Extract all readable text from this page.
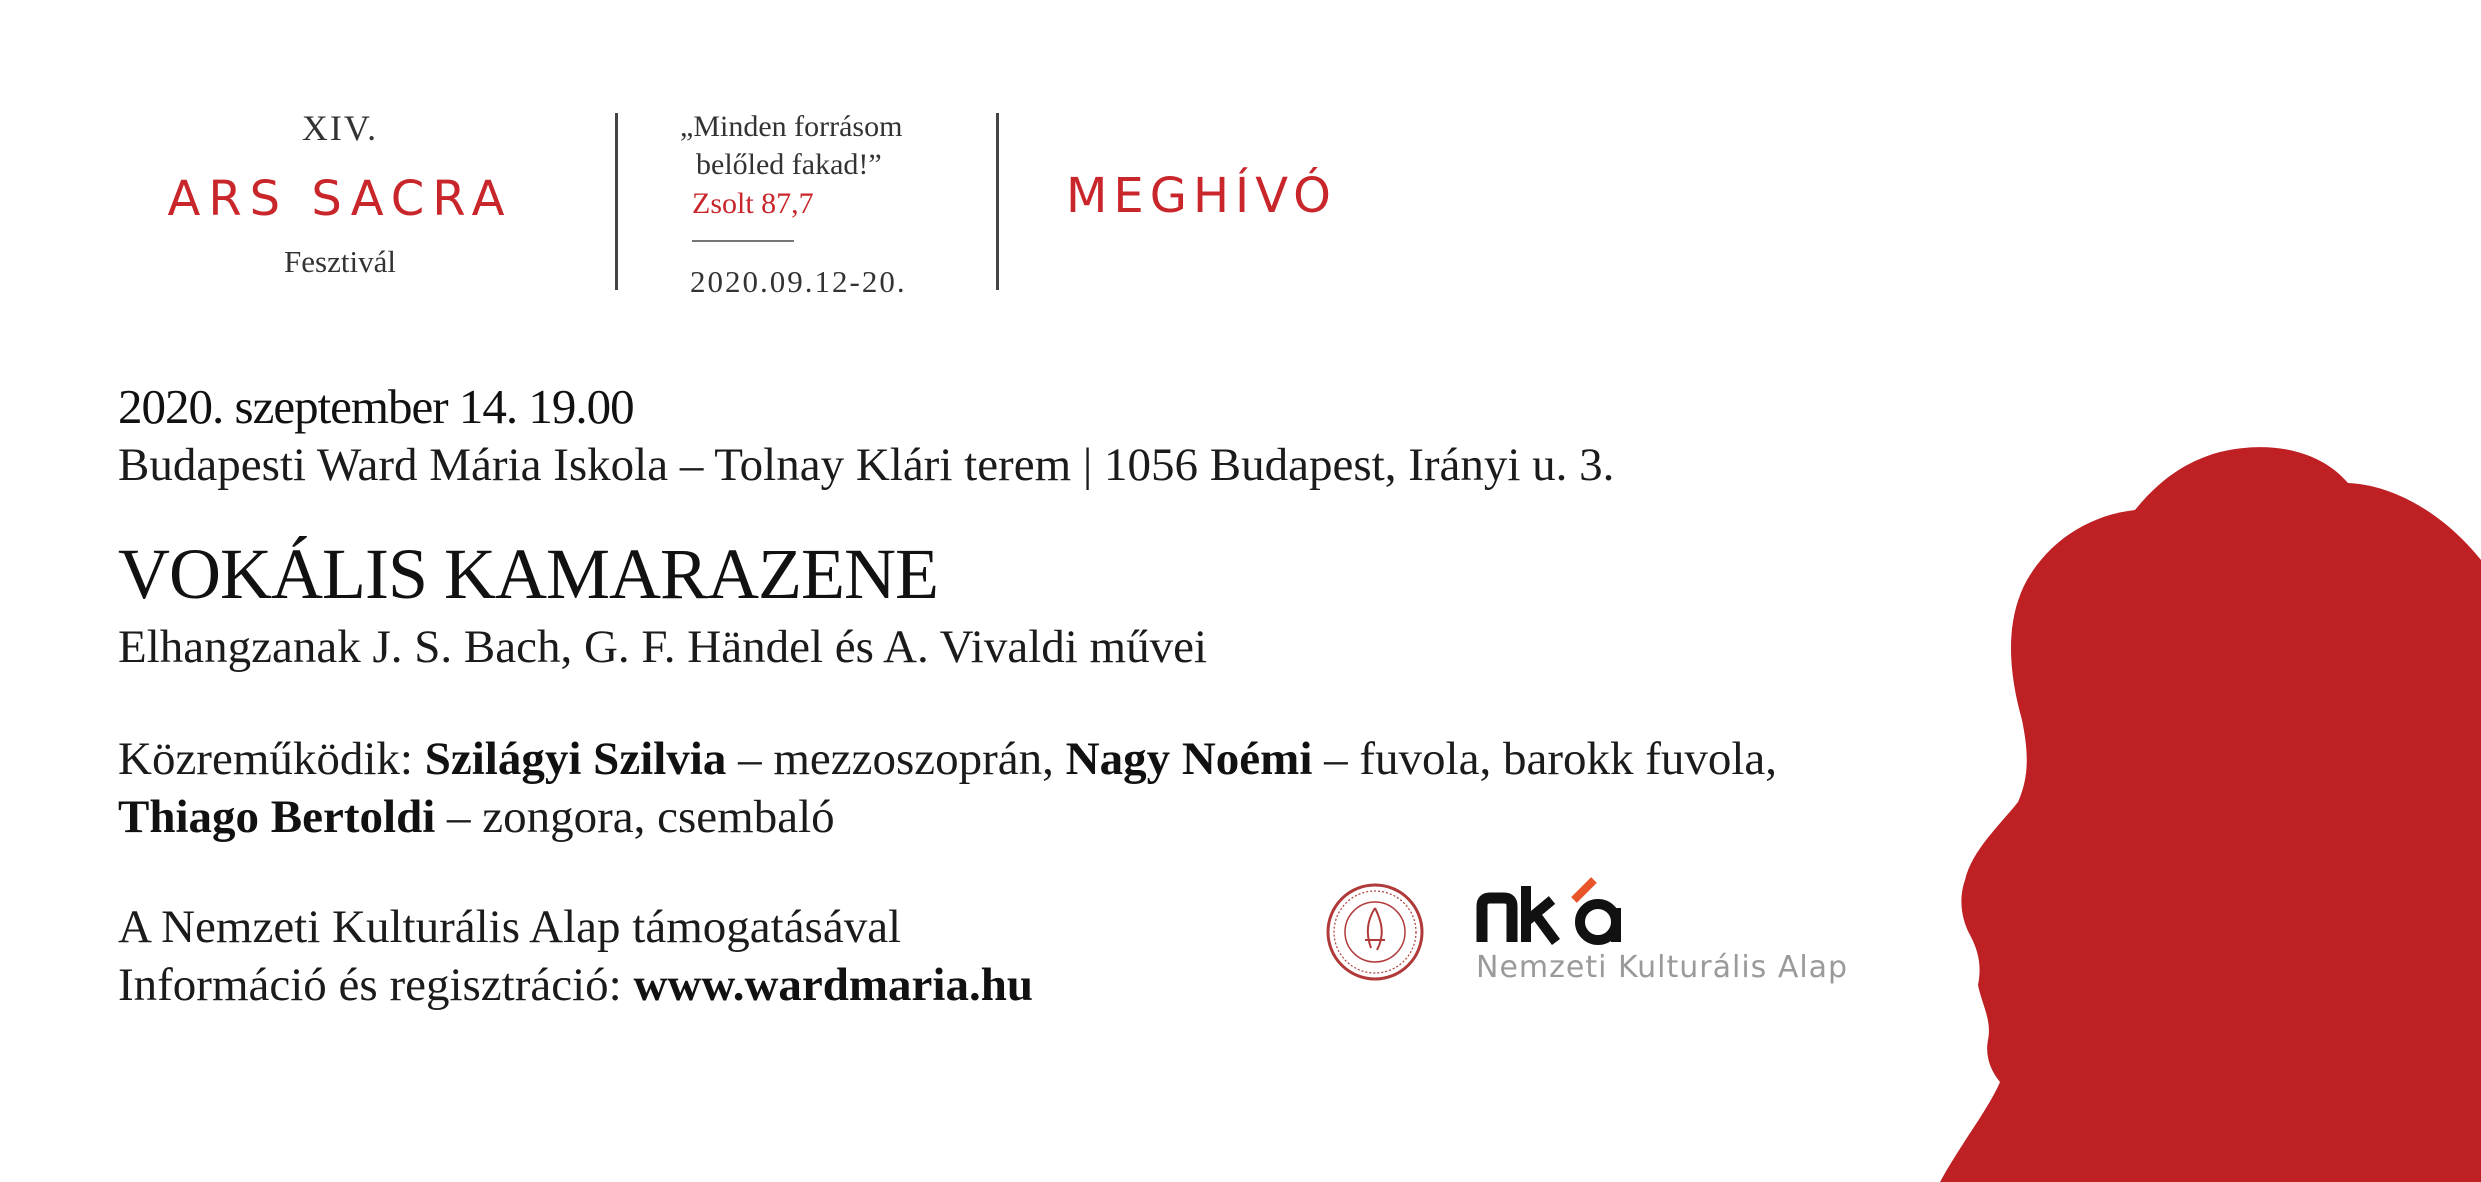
XIV.
ARS SACRA
Fesztivál
„Minden forrásom
belőled fakad!”
Zsolt 87,7
2020.09.12-20.
MEGHÍVÓ
2020. szeptember 14. 19.00
Budapesti Ward Mária Iskola – Tolnay Klári terem | 1056 Budapest, Irányi u. 3.
VOKÁLIS KAMARAZENE
Elhangzanak J. S. Bach, G. F. Händel és A. Vivaldi művei
Közreműködik: Szilágyi Szilvia – mezzoszoprán, Nagy Noémi – fuvola, barokk fuvola,
Thiago Bertoldi – zongora, csembaló
A Nemzeti Kulturális Alap támogatásával
Információ és regisztráció: www.wardmaria.hu	Nemzeti Kulturális Alap
